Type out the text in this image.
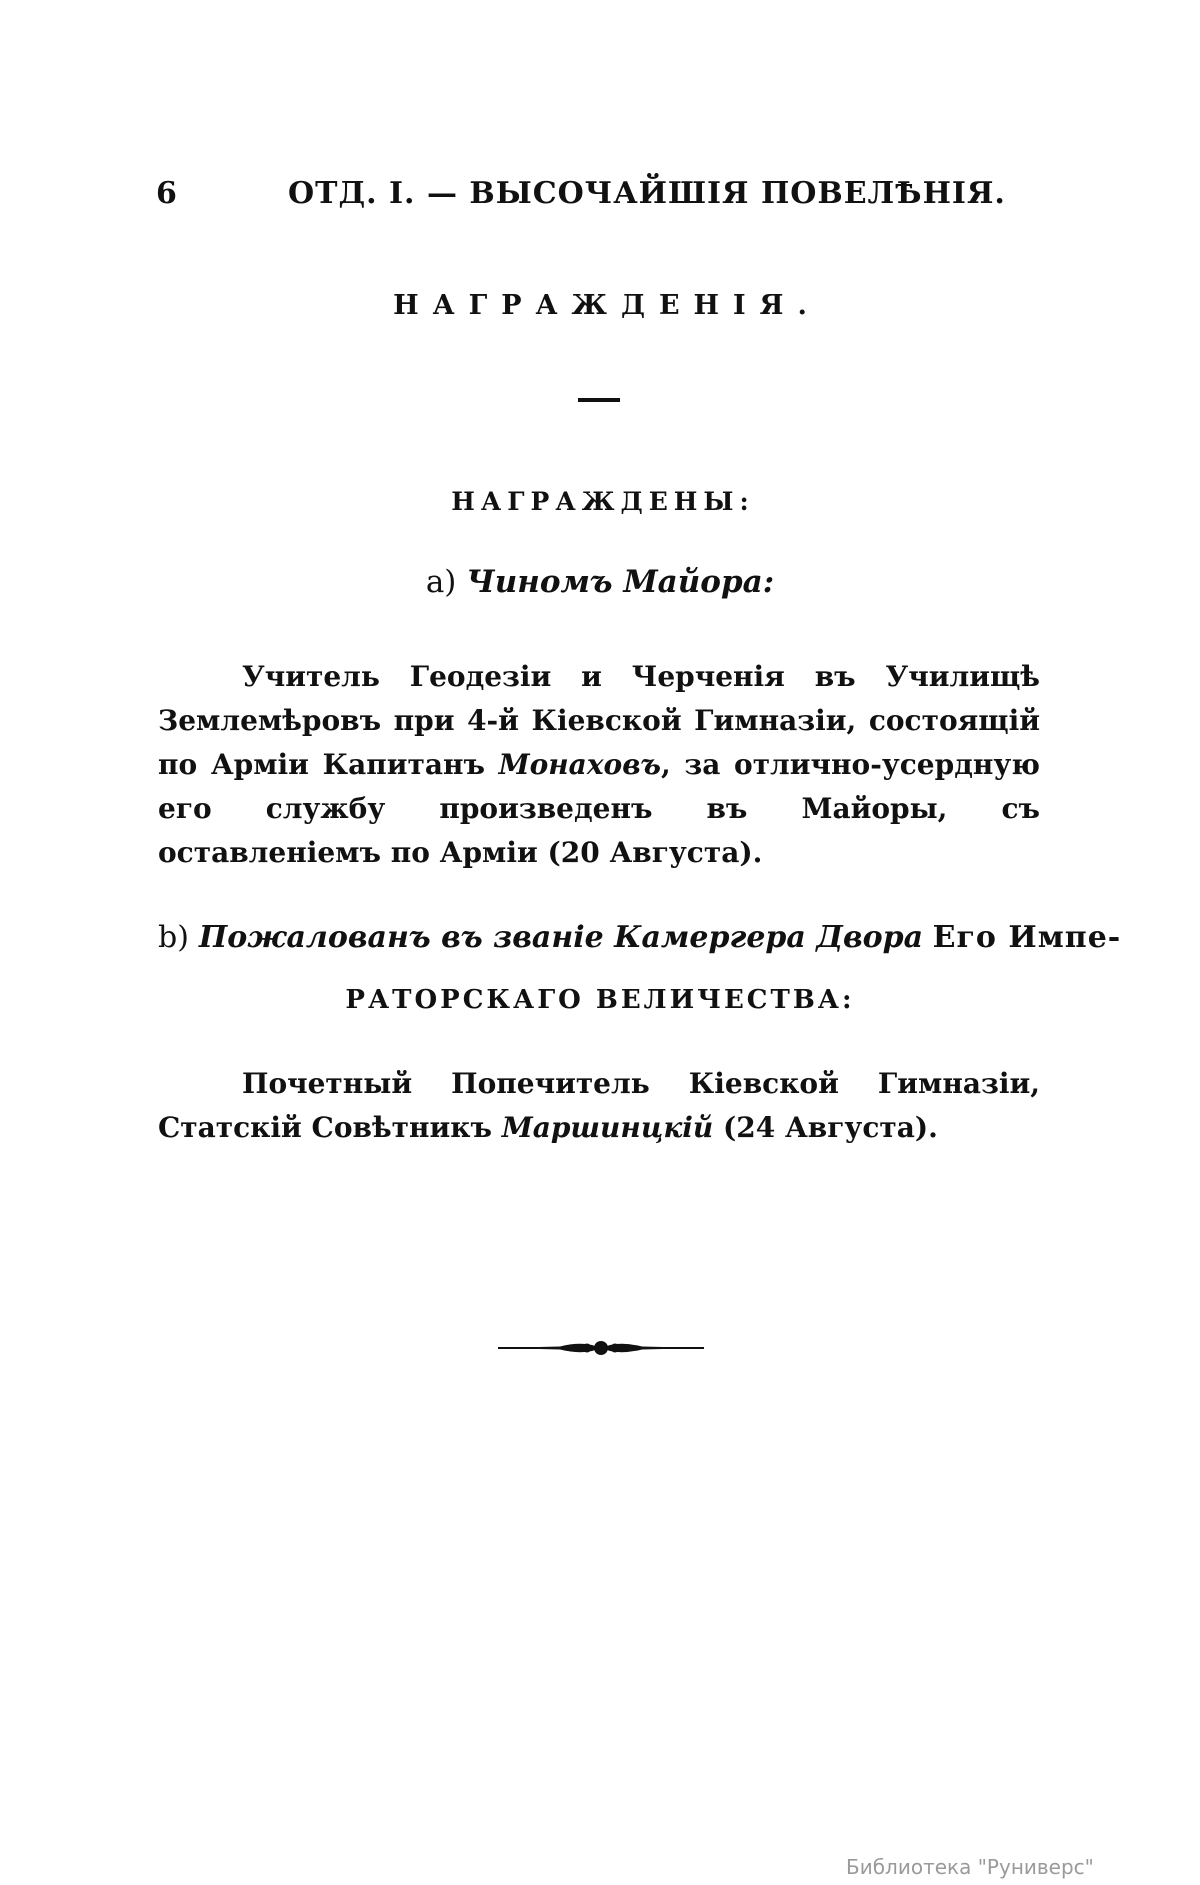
6	ОТД. I. — ВЫСОЧАЙШІЯ ПОВЕЛѢНІЯ.
НАГРАЖДЕНІЯ.
НАГРАЖДЕНЫ:
а) Чиномъ Майора:
Учитель Геодезіи и Черченія въ Училищѣ Землемѣровъ при 4-й Кіевской Гимназіи, состоящій по Арміи Капитанъ Монаховъ, за отлично-усердную его службу произведенъ въ Майоры, съ оставленіемъ по Арміи (20 Августа).
b) Пожалованъ въ званіе Камергера Двора Его Импе-
РАТОРСКАГО ВЕЛИЧЕСТВА:
Почетный Попечитель Кіевской Гимназіи, Статскій Совѣтникъ Маршинцкій (24 Августа).
Библиотека "Руниверс"
